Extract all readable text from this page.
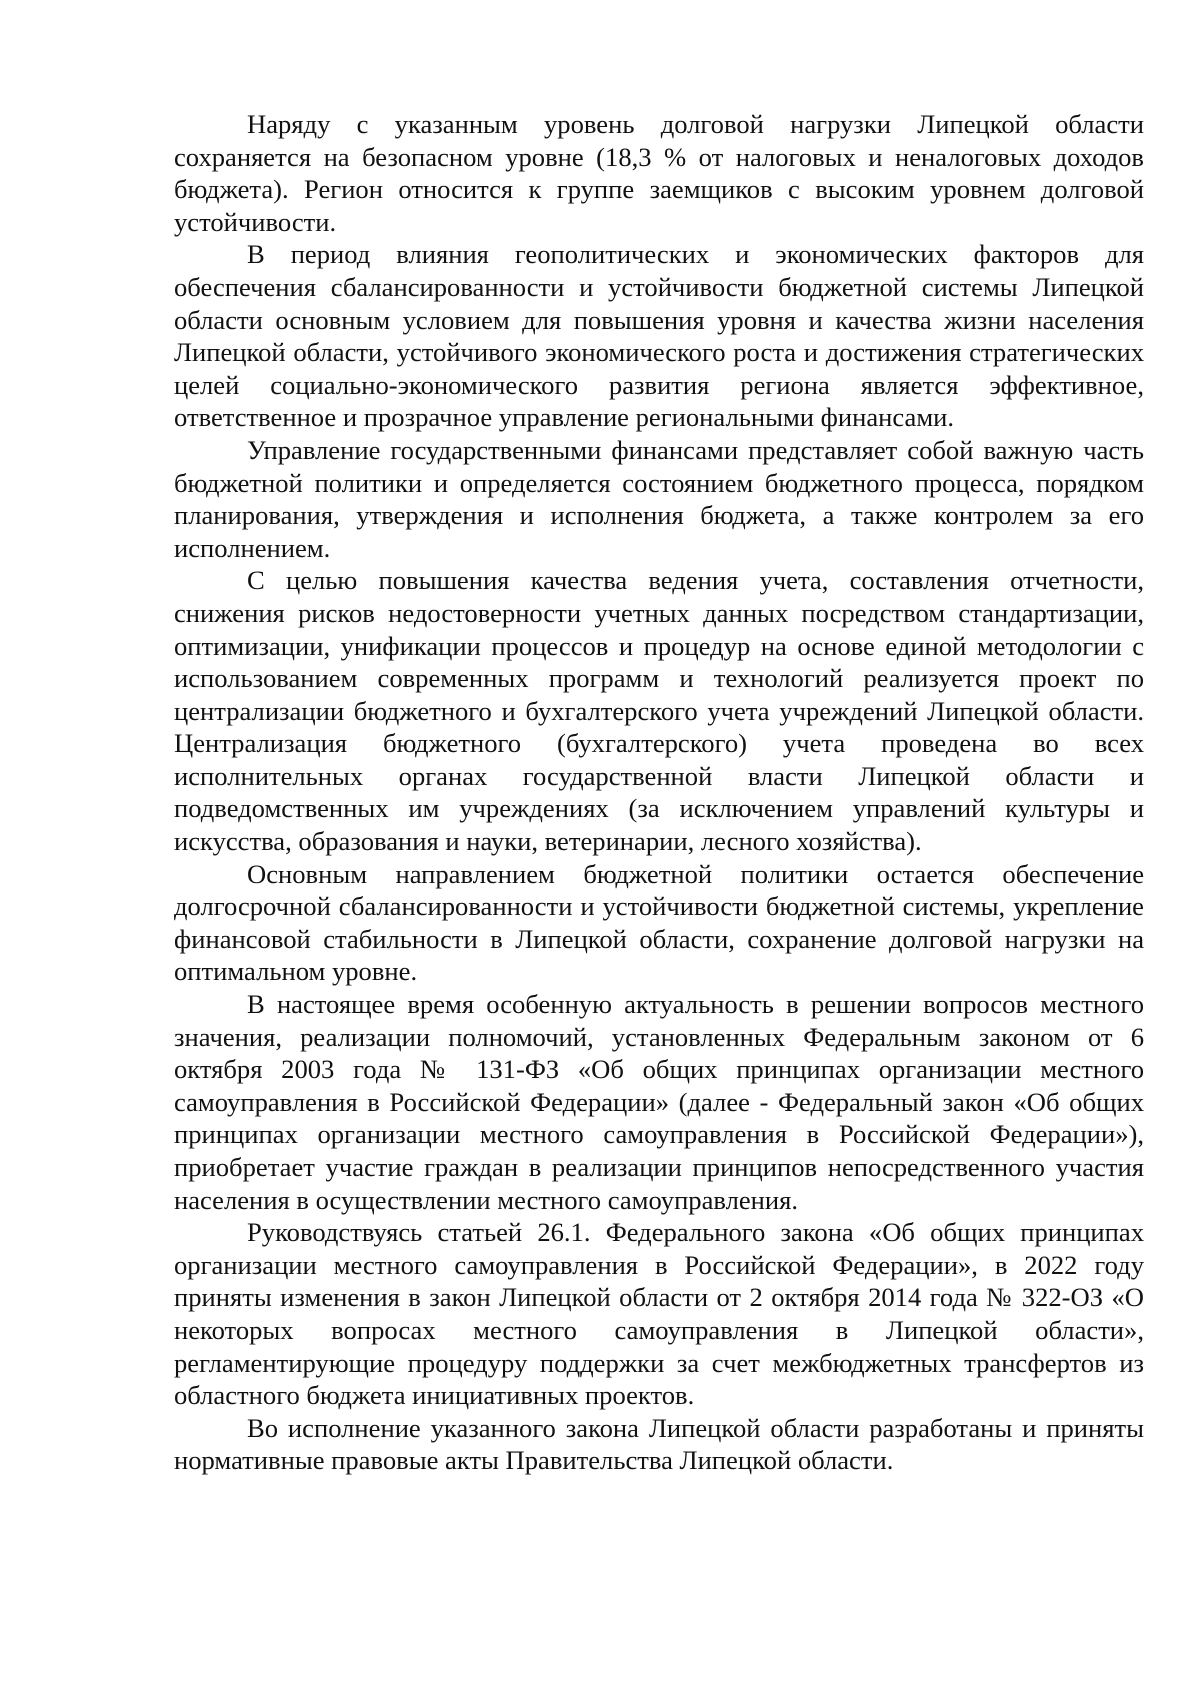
Наряду с указанным уровень долговой нагрузки Липецкой области сохраняется на безопасном уровне (18,3 % от налоговых и неналоговых доходов бюджета). Регион относится к группе заемщиков с высоким уровнем долговой устойчивости.

В период влияния геополитических и экономических факторов для обеспечения сбалансированности и устойчивости бюджетной системы Липецкой области основным условием для повышения уровня и качества жизни населения Липецкой области, устойчивого экономического роста и достижения стратегических целей социально-экономического развития региона является эффективное, ответственное и прозрачное управление региональными финансами.

Управление государственными финансами представляет собой важную часть бюджетной политики и определяется состоянием бюджетного процесса, порядком планирования, утверждения и исполнения бюджета, а также контролем за его исполнением.

С целью повышения качества ведения учета, составления отчетности, снижения рисков недостоверности учетных данных посредством стандартизации, оптимизации, унификации процессов и процедур на основе единой методологии с использованием современных программ и технологий реализуется проект по централизации бюджетного и бухгалтерского учета учреждений Липецкой области. Централизация бюджетного (бухгалтерского) учета проведена во всех исполнительных органах государственной власти Липецкой области и подведомственных им учреждениях (за исключением управлений культуры и искусства, образования и науки, ветеринарии, лесного хозяйства).

Основным направлением бюджетной политики остается обеспечение долгосрочной сбалансированности и устойчивости бюджетной системы, укрепление финансовой стабильности в Липецкой области, сохранение долговой нагрузки на оптимальном уровне.

В настоящее время особенную актуальность в решении вопросов местного значения, реализации полномочий, установленных Федеральным законом от 6 октября 2003 года № 131-ФЗ «Об общих принципах организации местного самоуправления в Российской Федерации» (далее - Федеральный закон «Об общих принципах организации местного самоуправления в Российской Федерации»), приобретает участие граждан в реализации принципов непосредственного участия населения в осуществлении местного самоуправления.

Руководствуясь статьей 26.1. Федерального закона «Об общих принципах организации местного самоуправления в Российской Федерации», в 2022 году приняты изменения в закон Липецкой области от 2 октября 2014 года № 322-ОЗ «О некоторых вопросах местного самоуправления в Липецкой области», регламентирующие процедуру поддержки за счет межбюджетных трансфертов из областного бюджета инициативных проектов.

Во исполнение указанного закона Липецкой области разработаны и приняты нормативные правовые акты Правительства Липецкой области.
